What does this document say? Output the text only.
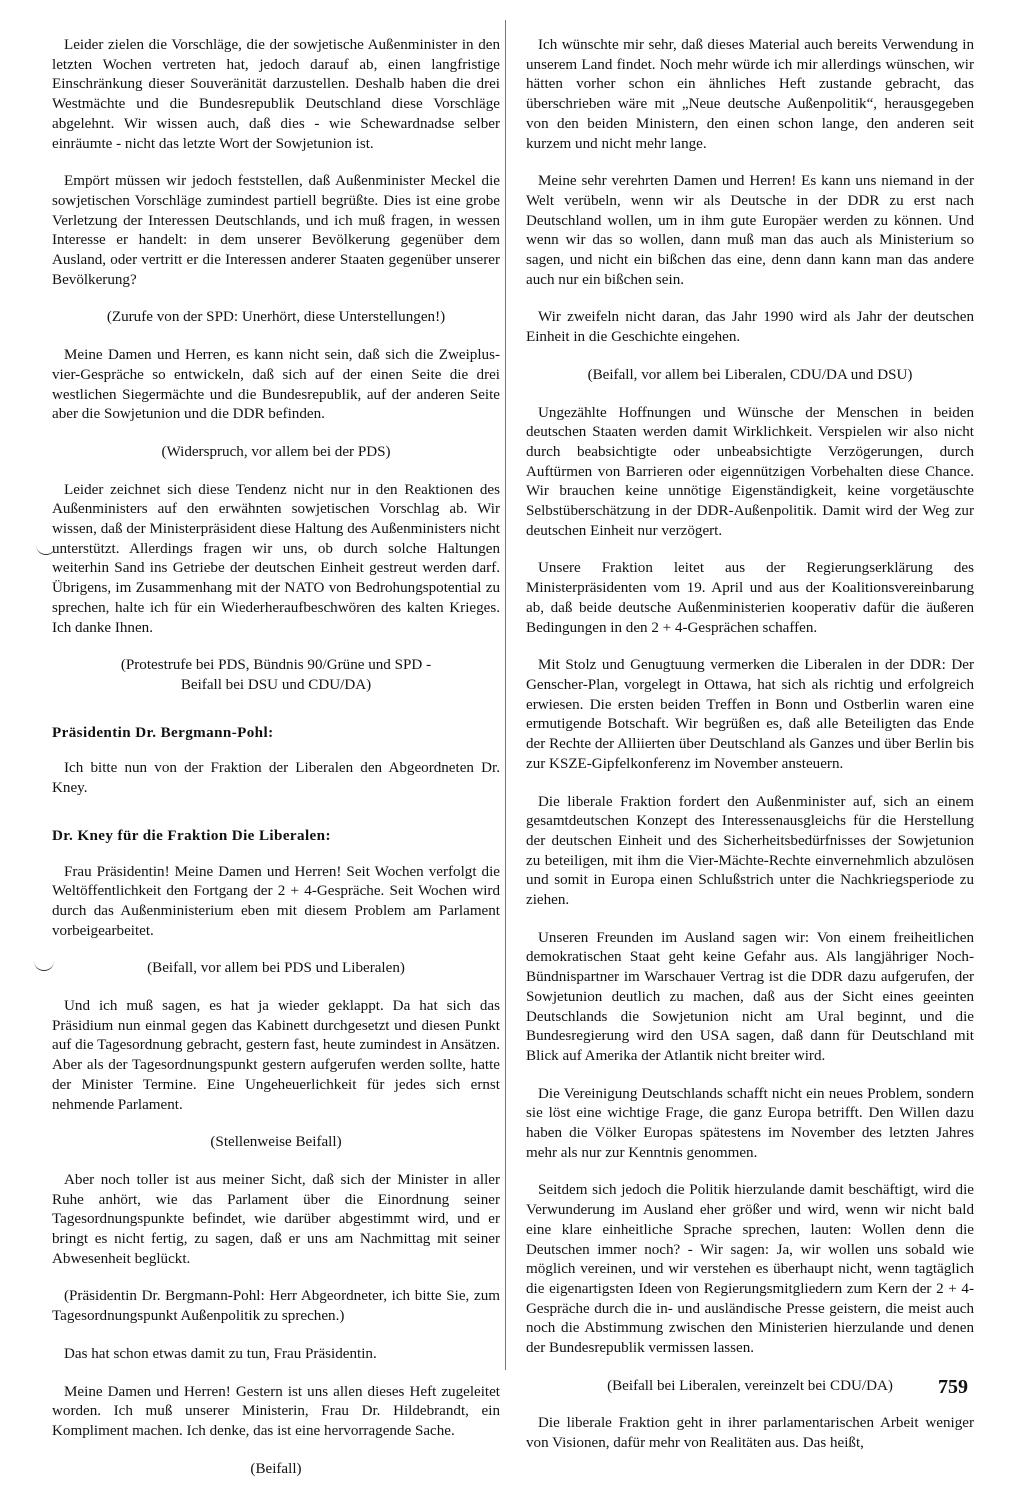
Leider zielen die Vorschläge, die der sowjetische Außenminister in den letzten Wochen vertreten hat, jedoch darauf ab, einen langfristige Einschränkung dieser Souveränität darzustellen. Deshalb haben die drei Westmächte und die Bundesrepublik Deutschland diese Vorschläge abgelehnt. Wir wissen auch, daß dies - wie Schewardnadse selber einräumte - nicht das letzte Wort der Sowjetunion ist.

Empört müssen wir jedoch feststellen, daß Außenminister Meckel die sowjetischen Vorschläge zumindest partiell begrüßte. Dies ist eine grobe Verletzung der Interessen Deutschlands, und ich muß fragen, in wessen Interesse er handelt: in dem unserer Bevölkerung gegenüber dem Ausland, oder vertritt er die Interessen anderer Staaten gegenüber unserer Bevölkerung?

(Zurufe von der SPD: Unerhört, diese Unterstellungen!)

Meine Damen und Herren, es kann nicht sein, daß sich die Zweiplus-vier-Gespräche so entwickeln, daß sich auf der einen Seite die drei westlichen Siegermächte und die Bundesrepublik, auf der anderen Seite aber die Sowjetunion und die DDR befinden.

(Widerspruch, vor allem bei der PDS)

Leider zeichnet sich diese Tendenz nicht nur in den Reaktionen des Außenministers auf den erwähnten sowjetischen Vorschlag ab. Wir wissen, daß der Ministerpräsident diese Haltung des Außenministers nicht unterstützt. Allerdings fragen wir uns, ob durch solche Haltungen weiterhin Sand ins Getriebe der deutschen Einheit gestreut werden darf. Übrigens, im Zusammenhang mit der NATO von Bedrohungspotential zu sprechen, halte ich für ein Wiederheraufbeschwören des kalten Krieges. Ich danke Ihnen.

(Protestrufe bei PDS, Bündnis 90/Grüne und SPD -
Beifall bei DSU und CDU/DA)

Präsidentin Dr. Bergmann-Pohl:

Ich bitte nun von der Fraktion der Liberalen den Abgeordneten Dr. Kney.

Dr. Kney für die Fraktion Die Liberalen:

Frau Präsidentin! Meine Damen und Herren! Seit Wochen verfolgt die Weltöffentlichkeit den Fortgang der 2 + 4-Gespräche. Seit Wochen wird durch das Außenministerium eben mit diesem Problem am Parlament vorbeigearbeitet.

(Beifall, vor allem bei PDS und Liberalen)

Und ich muß sagen, es hat ja wieder geklappt. Da hat sich das Präsidium nun einmal gegen das Kabinett durchgesetzt und diesen Punkt auf die Tagesordnung gebracht, gestern fast, heute zumindest in Ansätzen. Aber als der Tagesordnungspunkt gestern aufgerufen werden sollte, hatte der Minister Termine. Eine Ungeheuerlichkeit für jedes sich ernst nehmende Parlament.

(Stellenweise Beifall)

Aber noch toller ist aus meiner Sicht, daß sich der Minister in aller Ruhe anhört, wie das Parlament über die Einordnung seiner Tagesordnungspunkte befindet, wie darüber abgestimmt wird, und er bringt es nicht fertig, zu sagen, daß er uns am Nachmittag mit seiner Abwesenheit beglückt.

(Präsidentin Dr. Bergmann-Pohl: Herr Abgeordneter, ich bitte Sie, zum Tagesordnungspunkt Außenpolitik zu sprechen.)

Das hat schon etwas damit zu tun, Frau Präsidentin.

Meine Damen und Herren! Gestern ist uns allen dieses Heft zugeleitet worden. Ich muß unserer Ministerin, Frau Dr. Hildebrandt, ein Kompliment machen. Ich denke, das ist eine hervorragende Sache.

(Beifall)

Ich wünschte mir sehr, daß dieses Material auch bereits Verwendung in unserem Land findet. Noch mehr würde ich mir allerdings wünschen, wir hätten vorher schon ein ähnliches Heft zustande gebracht, das überschrieben wäre mit „Neue deutsche Außenpolitik“, herausgegeben von den beiden Ministern, den einen schon lange, den anderen seit kurzem und nicht mehr lange.

Meine sehr verehrten Damen und Herren! Es kann uns niemand in der Welt verübeln, wenn wir als Deutsche in der DDR zu erst nach Deutschland wollen, um in ihm gute Europäer werden zu können. Und wenn wir das so wollen, dann muß man das auch als Ministerium so sagen, und nicht ein bißchen das eine, denn dann kann man das andere auch nur ein bißchen sein.

Wir zweifeln nicht daran, das Jahr 1990 wird als Jahr der deutschen Einheit in die Geschichte eingehen.

(Beifall, vor allem bei Liberalen, CDU/DA und DSU)

Ungezählte Hoffnungen und Wünsche der Menschen in beiden deutschen Staaten werden damit Wirklichkeit. Verspielen wir also nicht durch beabsichtigte oder unbeabsichtigte Verzögerungen, durch Auftürmen von Barrieren oder eigennützigen Vorbehalten diese Chance. Wir brauchen keine unnötige Eigenständigkeit, keine vorgetäuschte Selbstüberschätzung in der DDR-Außenpolitik. Damit wird der Weg zur deutschen Einheit nur verzögert.

Unsere Fraktion leitet aus der Regierungserklärung des Ministerpräsidenten vom 19. April und aus der Koalitionsvereinbarung ab, daß beide deutsche Außenministerien kooperativ dafür die äußeren Bedingungen in den 2 + 4-Gesprächen schaffen.

Mit Stolz und Genugtuung vermerken die Liberalen in der DDR: Der Genscher-Plan, vorgelegt in Ottawa, hat sich als richtig und erfolgreich erwiesen. Die ersten beiden Treffen in Bonn und Ostberlin waren eine ermutigende Botschaft. Wir begrüßen es, daß alle Beteiligten das Ende der Rechte der Alliierten über Deutschland als Ganzes und über Berlin bis zur KSZE-Gipfelkonferenz im November ansteuern.

Die liberale Fraktion fordert den Außenminister auf, sich an einem gesamtdeutschen Konzept des Interessenausgleichs für die Herstellung der deutschen Einheit und des Sicherheitsbedürfnisses der Sowjetunion zu beteiligen, mit ihm die Vier-Mächte-Rechte einvernehmlich abzulösen und somit in Europa einen Schlußstrich unter die Nachkriegsperiode zu ziehen.

Unseren Freunden im Ausland sagen wir: Von einem freiheitlichen demokratischen Staat geht keine Gefahr aus. Als langjähriger Noch-Bündnispartner im Warschauer Vertrag ist die DDR dazu aufgerufen, der Sowjetunion deutlich zu machen, daß aus der Sicht eines geeinten Deutschlands die Sowjetunion nicht am Ural beginnt, und die Bundesregierung wird den USA sagen, daß dann für Deutschland mit Blick auf Amerika der Atlantik nicht breiter wird.

Die Vereinigung Deutschlands schafft nicht ein neues Problem, sondern sie löst eine wichtige Frage, die ganz Europa betrifft. Den Willen dazu haben die Völker Europas spätestens im November des letzten Jahres mehr als nur zur Kenntnis genommen.

Seitdem sich jedoch die Politik hierzulande damit beschäftigt, wird die Verwunderung im Ausland eher größer und wird, wenn wir nicht bald eine klare einheitliche Sprache sprechen, lauten: Wollen denn die Deutschen immer noch? - Wir sagen: Ja, wir wollen uns sobald wie möglich vereinen, und wir verstehen es überhaupt nicht, wenn tagtäglich die eigenartigsten Ideen von Regierungsmitgliedern zum Kern der 2 + 4-Gespräche durch die in- und ausländische Presse geistern, die meist auch noch die Abstimmung zwischen den Ministerien hierzulande und denen der Bundesrepublik vermissen lassen.

(Beifall bei Liberalen, vereinzelt bei CDU/DA)

Die liberale Fraktion geht in ihrer parlamentarischen Arbeit weniger von Visionen, dafür mehr von Realitäten aus. Das heißt,

759
